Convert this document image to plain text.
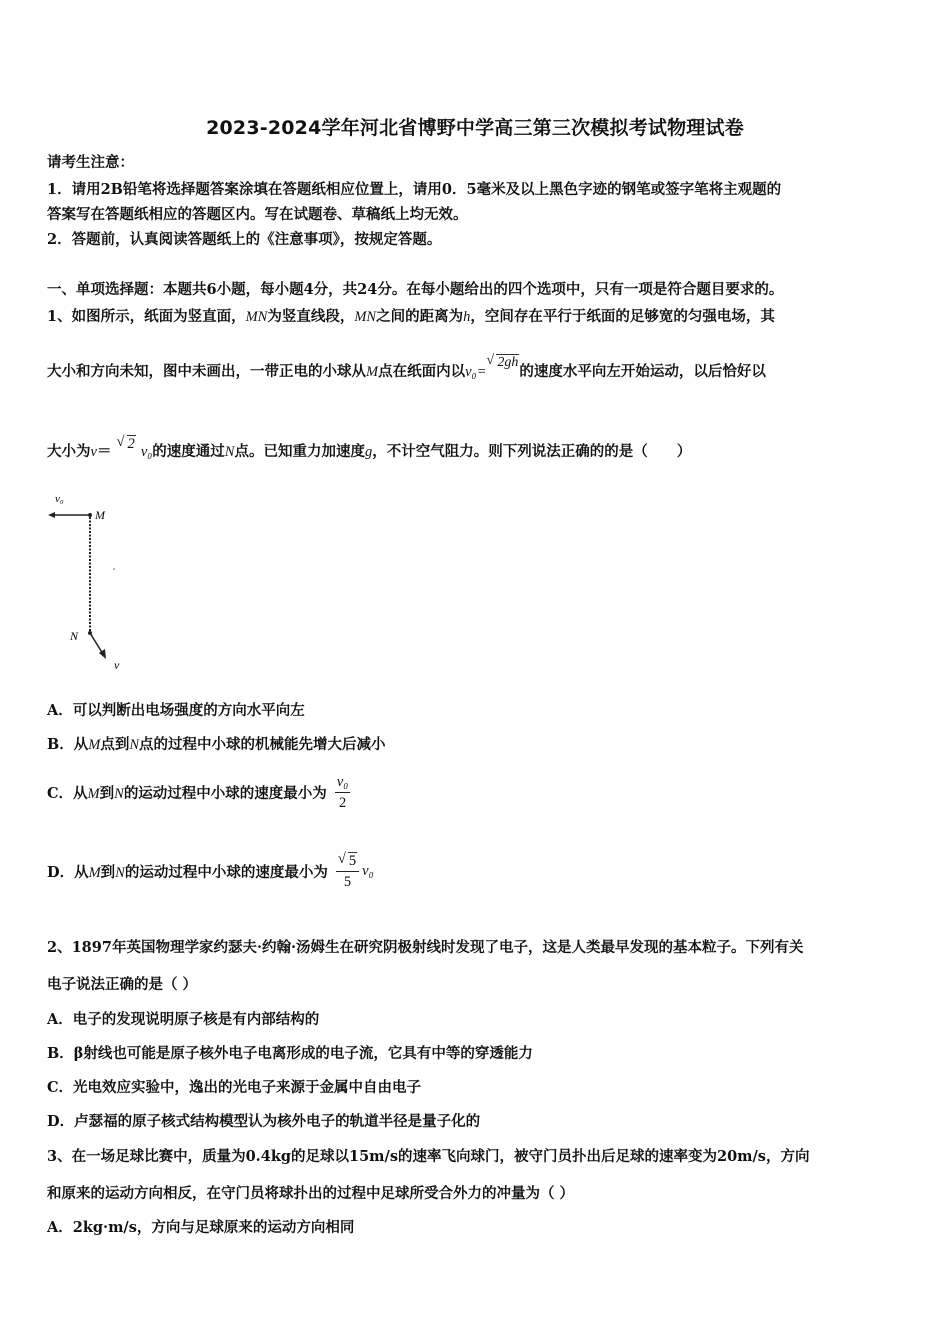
2023-2024学年河北省博野中学高三第三次模拟考试物理试卷
请考生注意：
1．请用2B铅笔将选择题答案涂填在答题纸相应位置上，请用0．5毫米及以上黑色字迹的钢笔或签字笔将主观题的
答案写在答题纸相应的答题区内。写在试题卷、草稿纸上均无效。
2．答题前，认真阅读答题纸上的《注意事项》，按规定答题。
一、单项选择题：本题共6小题，每小题4分，共24分。在每小题给出的四个选项中，只有一项是符合题目要求的。
1、如图所示，纸面为竖直面，MN为竖直线段，MN之间的距离为h，空间存在平行于纸面的足够宽的匀强电场，其
大小和方向未知，图中未画出，一带正电的小球从M点在纸面内以v₀=√ 2gh的速度水平向左开始运动，以后恰好以
大小为v＝ √ 2 v₀的速度通过N点。已知重力加速度g，不计空气阻力。则下列说法正确的的是（　　）
v₀
M
N
v
A．可以判断出电场强度的方向水平向左
B．从M点到N点的过程中小球的机械能先增大后减小
C．从M到N的运动过程中小球的速度最小为 $\frac{\text{v₀}}{2}$
D．从M到N的运动过程中小球的速度最小为 √ $\frac{5}{5} v_0$
2、1897年英国物理学家约瑟夫·约翰·汤姆生在研究阴极射线时发现了电子，这是人类最早发现的基本粒子。下列有关
电子说法正确的是（ ）
A．电子的发现说明原子核是有内部结构的
B．β射线也可能是原子核外电子电离形成的电子流，它具有中等的穿透能力
C．光电效应实验中，逸出的光电子来源于金属中自由电子
D．卢瑟福的原子核式结构模型认为核外电子的轨道半径是量子化的
3、在一场足球比赛中，质量为0.4kg的足球以15m/s的速率飞向球门，被守门员扑出后足球的速率变为20m/s，方向
和原来的运动方向相反，在守门员将球扑出的过程中足球所受合外力的冲量为（ ）
A．2kg·m/s，方向与足球原来的运动方向相同
